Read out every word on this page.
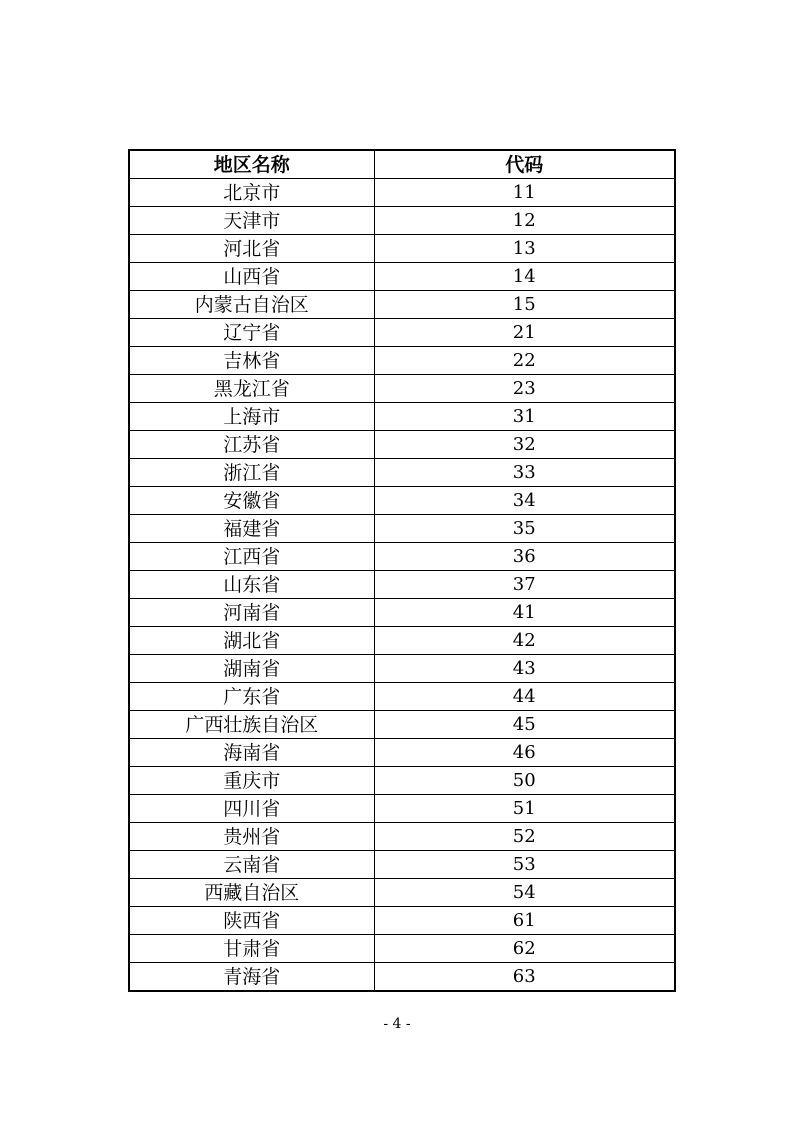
地区名称	代码
北京市	11
天津市	12
河北省	13
山西省	14
内蒙古自治区	15
辽宁省	21
吉林省	22
黑龙江省	23
上海市	31
江苏省	32
浙江省	33
安徽省	34
福建省	35
江西省	36
山东省	37
河南省	41
湖北省	42
湖南省	43
广东省	44
广西壮族自治区	45
海南省	46
重庆市	50
四川省	51
贵州省	52
云南省	53
西藏自治区	54
陕西省	61
甘肃省	62
青海省	63
- 4 -
